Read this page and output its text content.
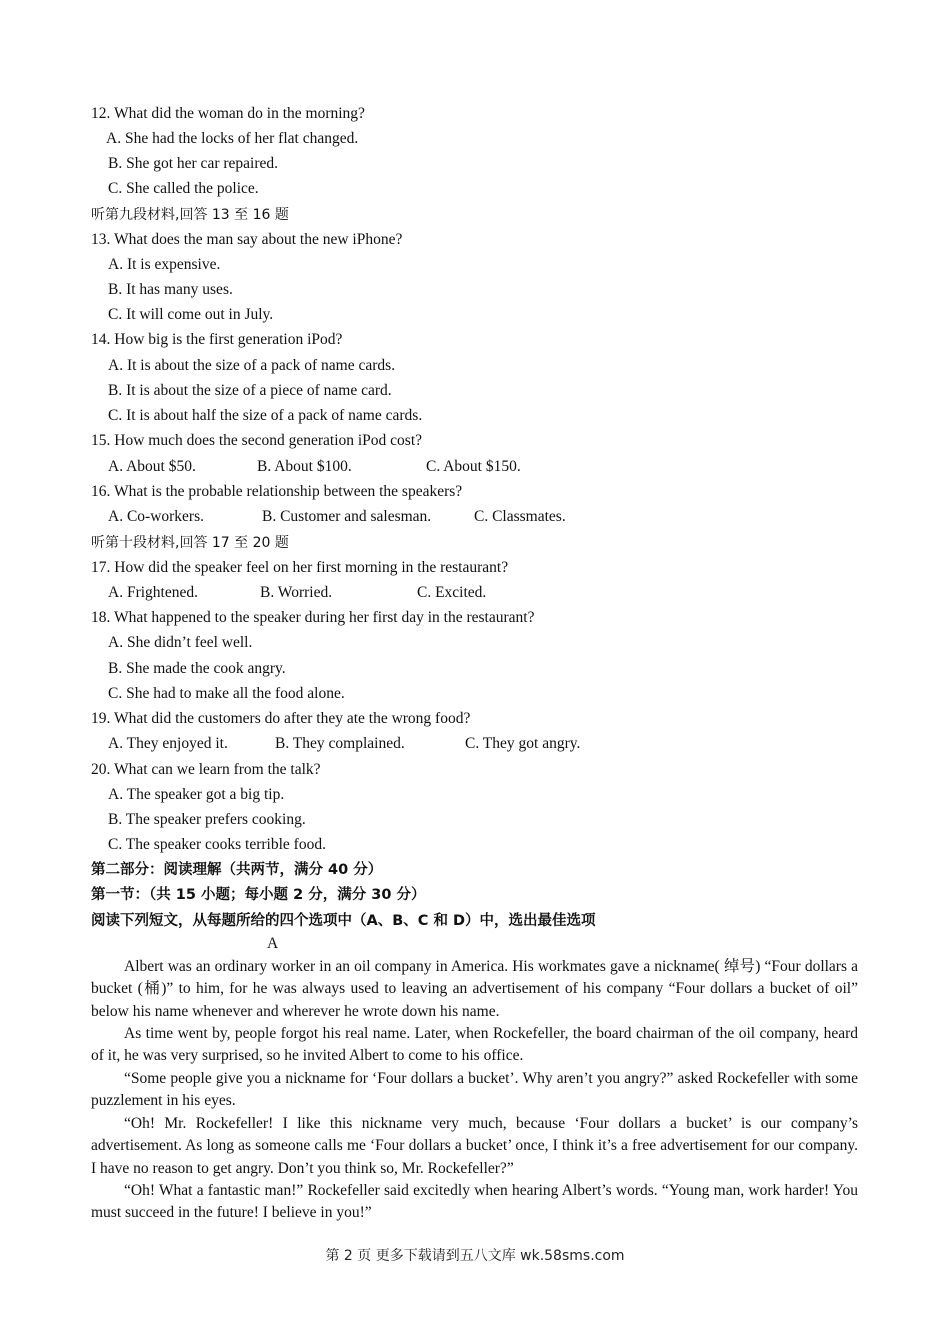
12. What did the woman do in the morning?
A. She had the locks of her flat changed.
B. She got her car repaired.
C. She called the police.
听第九段材料,回答 13 至 16 题
13. What does the man say about the new iPhone?
A. It is expensive.
B. It has many uses.
C. It will come out in July.
14. How big is the first generation iPod?
A. It is about the size of a pack of name cards.
B. It is about the size of a piece of name card.
C. It is about half the size of a pack of name cards.
15. How much does the second generation iPod cost?
A. About $50.	B. About $100.	C. About $150.
16. What is the probable relationship between the speakers?
A. Co-workers.	B. Customer and salesman.	C. Classmates.
听第十段材料,回答 17 至 20 题
17. How did the speaker feel on her first morning in the restaurant?
A. Frightened.	B. Worried.	C. Excited.
18. What happened to the speaker during her first day in the restaurant?
A. She didn’t feel well.
B. She made the cook angry.
C. She had to make all the food alone.
19. What did the customers do after they ate the wrong food?
A. They enjoyed it.	B. They complained.	C. They got angry.
20. What can we learn from the talk?
A. The speaker got a big tip.
B. The speaker prefers cooking.
C. The speaker cooks terrible food.
第二部分：阅读理解（共两节，满分 40 分）
第一节：（共 15 小题；每小题 2 分，满分 30 分）
阅读下列短文，从每题所给的四个选项中（A、B、C 和 D）中，选出最佳选项
A
Albert was an ordinary worker in an oil company in America. His workmates gave a nickname( 绰号) “Four dollars a bucket (桶)” to him, for he was always used to leaving an advertisement of his company “Four dollars a bucket of oil” below his name whenever and wherever he wrote down his name.
As time went by, people forgot his real name. Later, when Rockefeller, the board chairman of the oil company, heard of it, he was very surprised, so he invited Albert to come to his office.
“Some people give you a nickname for ‘Four dollars a bucket’. Why aren’t you angry?” asked Rockefeller with some puzzlement in his eyes.
“Oh! Mr. Rockefeller! I like this nickname very much, because ‘Four dollars a bucket’ is our company’s advertisement. As long as someone calls me ‘Four dollars a bucket’ once, I think it’s a free advertisement for our company. I have no reason to get angry. Don’t you think so, Mr. Rockefeller?”
“Oh! What a fantastic man!” Rockefeller said excitedly when hearing Albert’s words. “Young man, work harder! You must succeed in the future! I believe in you!”
第 2 页 更多下载请到五八文库 wk.58sms.com
